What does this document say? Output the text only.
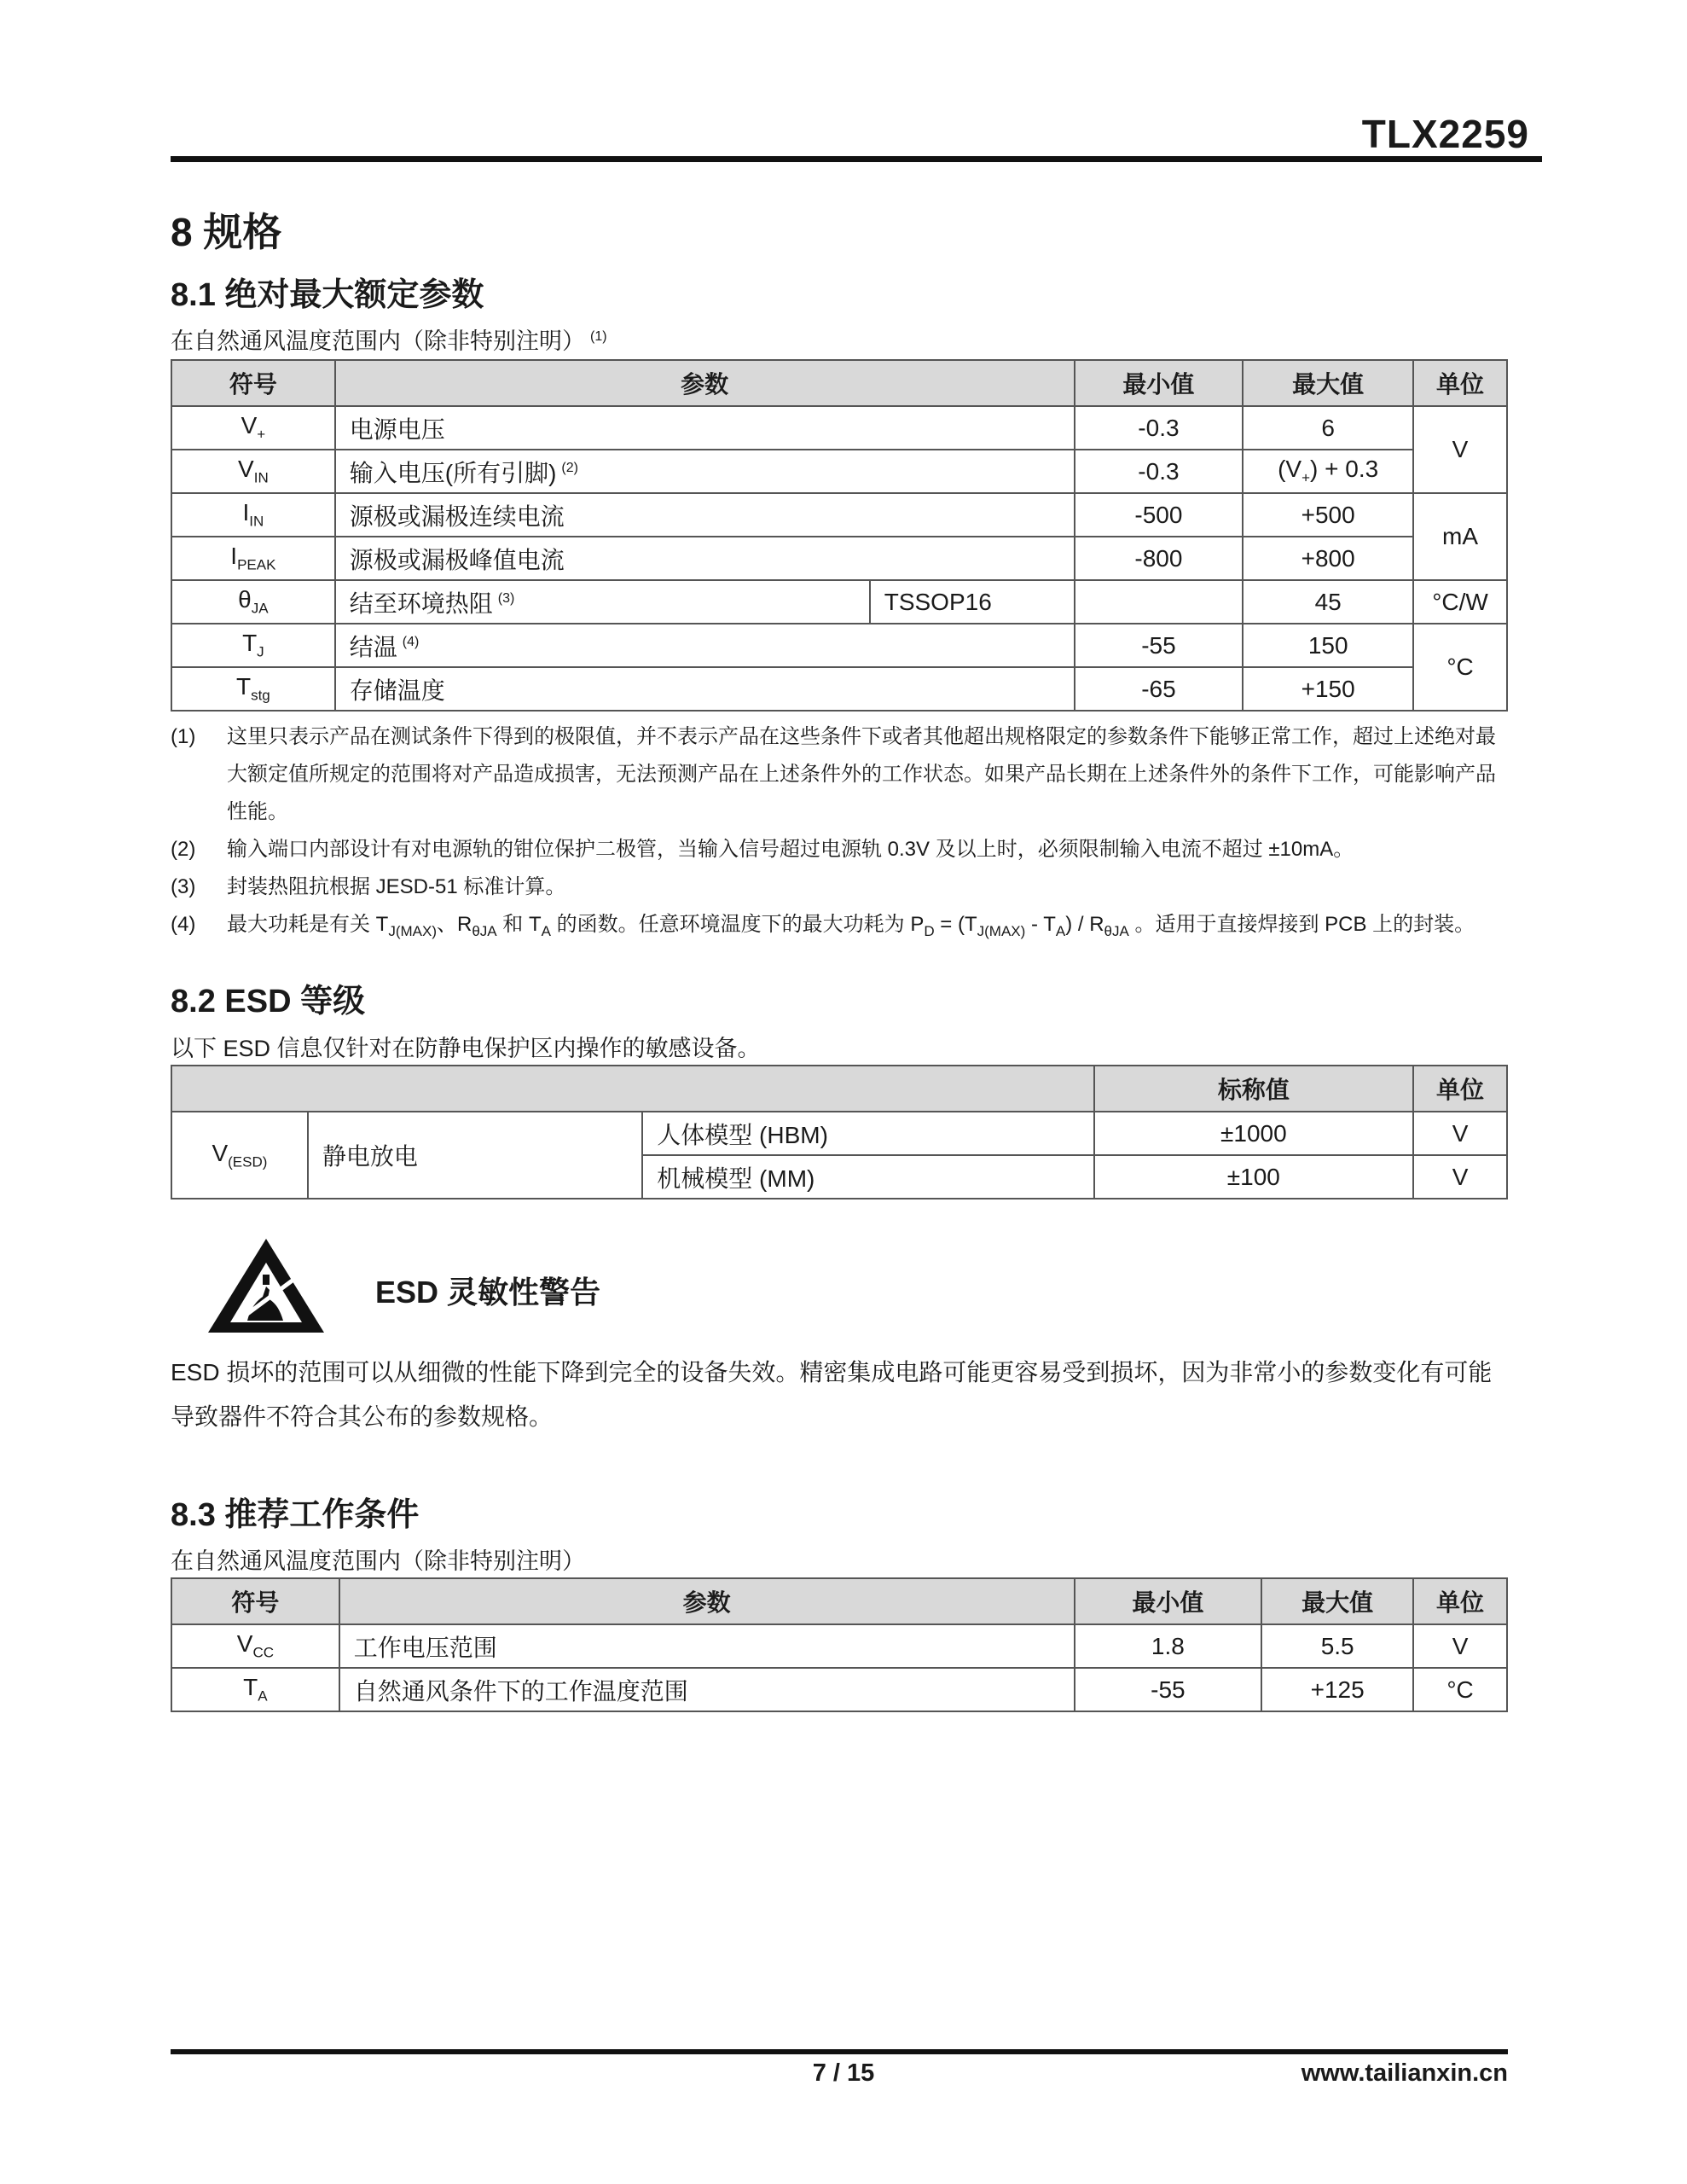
TLX2259
8 规格
8.1 绝对最大额定参数
在自然通风温度范围内（除非特别注明） $^{(1)}$
符号	参数		最小值	最大值	单位
$V_+$	电源电压		-0.3	6	V
$V_{IN}$	输入电压(所有引脚) $^{(2)}$		-0.3	$(V_+) + 0.3$	
$I_{IN}$	源极或漏极连续电流		-500	+500	mA
$I_{PEAK}$	源极或漏极峰值电流		-800	+800	
$\theta_{JA}$	结至环境热阻 $^{(3)}$	TSSOP16		45	°C/W
$T_J$	结温 $^{(4)}$		-55	150	°C
$T_{stg}$	存储温度		-65	+150	
(1)	这里只表示产品在测试条件下得到的极限值，并不表示产品在这些条件下或者其他超出规格限定的参数条件下能够正常工作，超过上述绝对最大额定值所规定的范围将对产品造成损害，无法预测产品在上述条件外的工作状态。如果产品长期在上述条件外的条件下工作，可能影响产品性能。
(2)	输入端口内部设计有对电源轨的钳位保护二极管，当输入信号超过电源轨 0.3V 及以上时，必须限制输入电流不超过 ±10mA。
(3)	封装热阻抗根据 JESD-51 标准计算。
(4)	最大功耗是有关 $T_{J(MAX)}$、$R_{\theta JA}$ 和 $T_A$ 的函数。任意环境温度下的最大功耗为 $P_D = (T_{J(MAX)} - T_A) / R_{\theta JA}$ 。适用于直接焊接到 PCB 上的封装。
8.2 ESD 等级
以下 ESD 信息仅针对在防静电保护区内操作的敏感设备。
			标称值	单位
$V_{(ESD)}$	静电放电	人体模型 (HBM)	±1000	V
		机械模型 (MM)	±100	V
ESD 灵敏性警告
ESD 损坏的范围可以从细微的性能下降到完全的设备失效。精密集成电路可能更容易受到损坏，因为非常小的参数变化有可能导致器件不符合其公布的参数规格。
8.3 推荐工作条件
在自然通风温度范围内（除非特别注明）
符号	参数	最小值	最大值	单位
$V_{CC}$	工作电压范围	1.8	5.5	V
$T_A$	自然通风条件下的工作温度范围	-55	+125	°C
7 / 15	www.tailianxin.cn
